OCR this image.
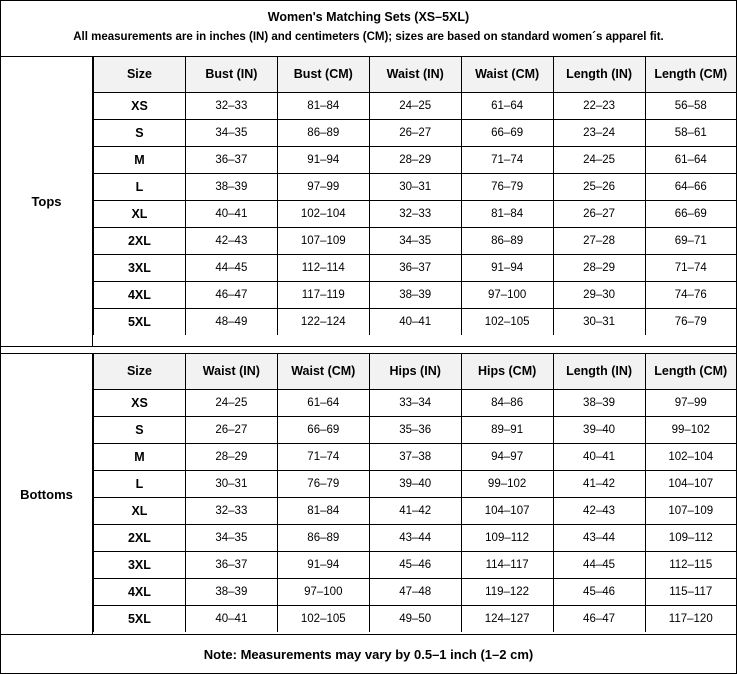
Women's Matching Sets (XS–5XL)
All measurements are in inches (IN) and centimeters (CM); sizes are based on standard women´s apparel fit.
Tops
Size	Bust (IN)	Bust (CM)	Waist (IN)	Waist (CM)	Length (IN)	Length (CM)
XS	32–33	81–84	24–25	61–64	22–23	56–58
S	34–35	86–89	26–27	66–69	23–24	58–61
M	36–37	91–94	28–29	71–74	24–25	61–64
L	38–39	97–99	30–31	76–79	25–26	64–66
XL	40–41	102–104	32–33	81–84	26–27	66–69
2XL	42–43	107–109	34–35	86–89	27–28	69–71
3XL	44–45	112–114	36–37	91–94	28–29	71–74
4XL	46–47	117–119	38–39	97–100	29–30	74–76
5XL	48–49	122–124	40–41	102–105	30–31	76–79
Bottoms
Size	Waist (IN)	Waist (CM)	Hips (IN)	Hips (CM)	Length (IN)	Length (CM)
XS	24–25	61–64	33–34	84–86	38–39	97–99
S	26–27	66–69	35–36	89–91	39–40	99–102
M	28–29	71–74	37–38	94–97	40–41	102–104
L	30–31	76–79	39–40	99–102	41–42	104–107
XL	32–33	81–84	41–42	104–107	42–43	107–109
2XL	34–35	86–89	43–44	109–112	43–44	109–112
3XL	36–37	91–94	45–46	114–117	44–45	112–115
4XL	38–39	97–100	47–48	119–122	45–46	115–117
5XL	40–41	102–105	49–50	124–127	46–47	117–120
Note: Measurements may vary by 0.5–1 inch (1–2 cm)
